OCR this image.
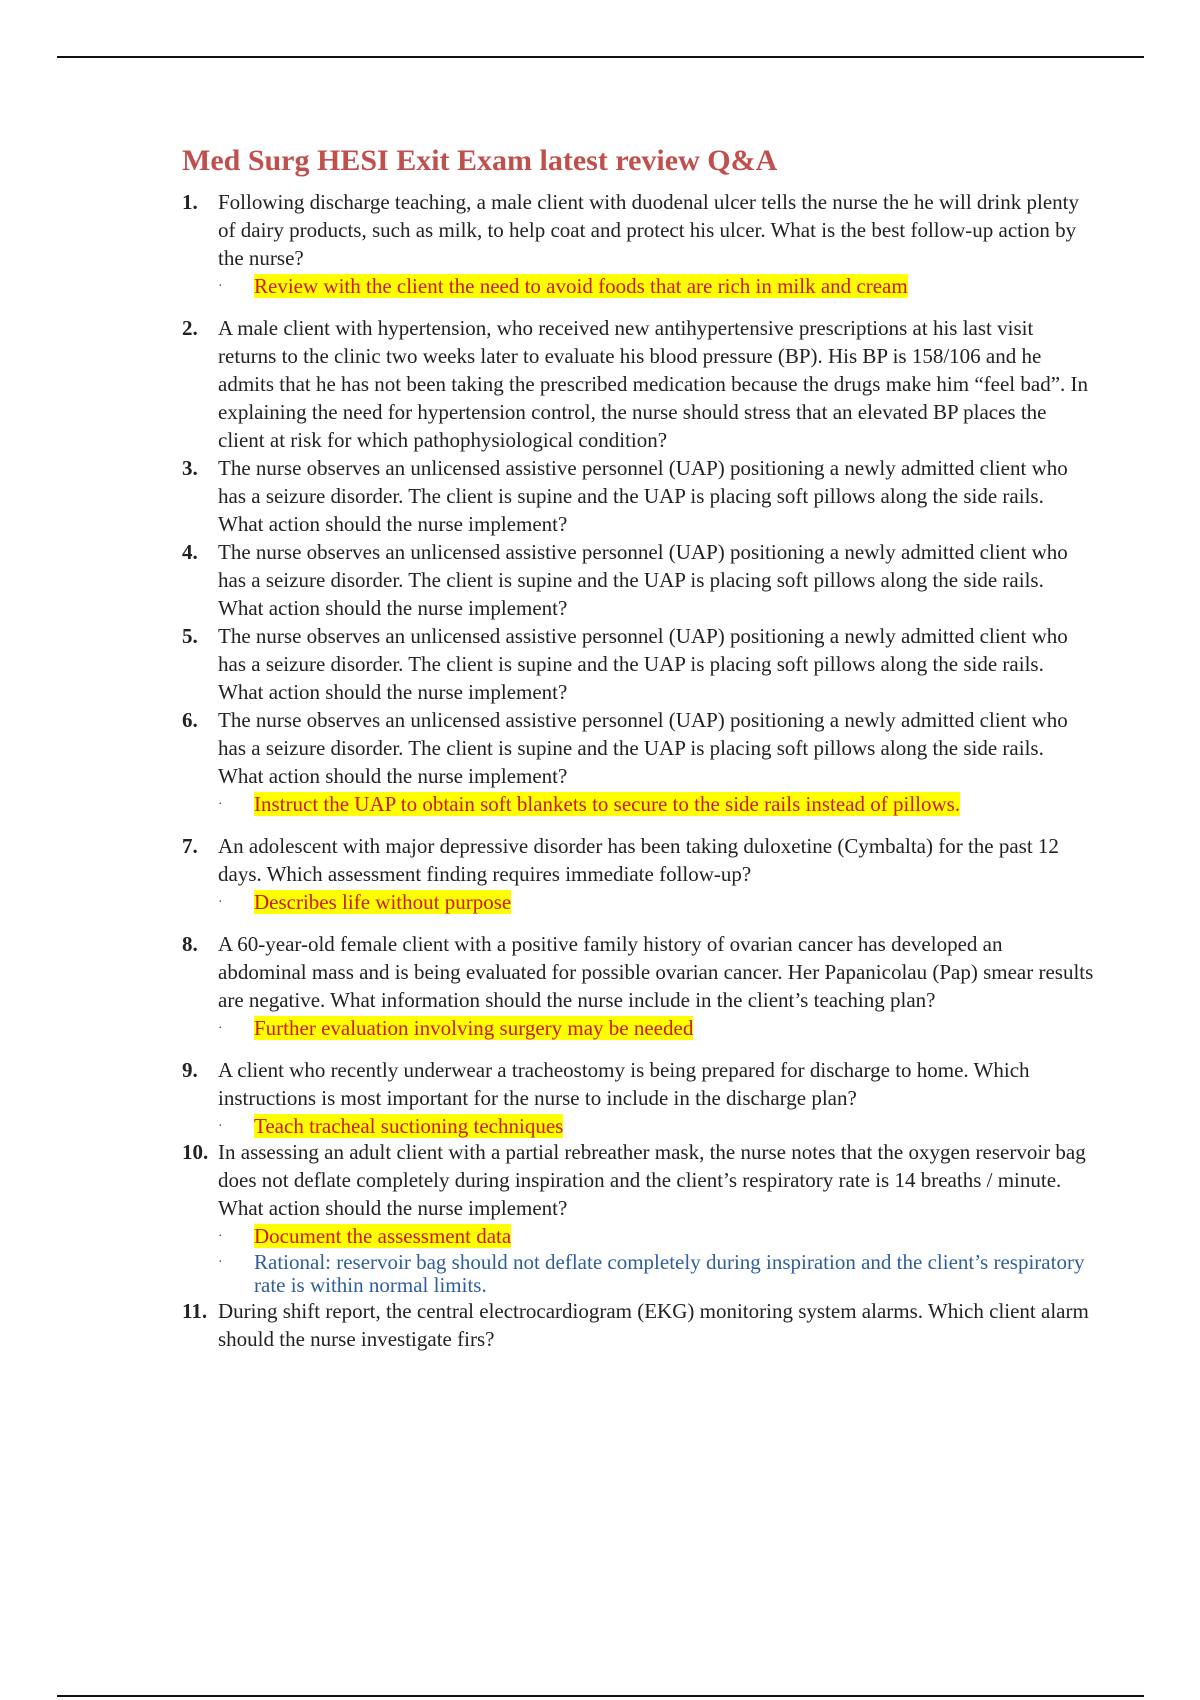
Med Surg HESI Exit Exam latest review Q&A
1. Following discharge teaching, a male client with duodenal ulcer tells the nurse the he will drink plenty of dairy products, such as milk, to help coat and protect his ulcer. What is the best follow-up action by the nurse?
· Review with the client the need to avoid foods that are rich in milk and cream
2. A male client with hypertension, who received new antihypertensive prescriptions at his last visit returns to the clinic two weeks later to evaluate his blood pressure (BP). His BP is 158/106 and he admits that he has not been taking the prescribed medication because the drugs make him “feel bad”. In explaining the need for hypertension control, the nurse should stress that an elevated BP places the client at risk for which pathophysiological condition?
3. The nurse observes an unlicensed assistive personnel (UAP) positioning a newly admitted client who has a seizure disorder. The client is supine and the UAP is placing soft pillows along the side rails. What action should the nurse implement?
4. The nurse observes an unlicensed assistive personnel (UAP) positioning a newly admitted client who has a seizure disorder. The client is supine and the UAP is placing soft pillows along the side rails. What action should the nurse implement?
5. The nurse observes an unlicensed assistive personnel (UAP) positioning a newly admitted client who has a seizure disorder. The client is supine and the UAP is placing soft pillows along the side rails. What action should the nurse implement?
6. The nurse observes an unlicensed assistive personnel (UAP) positioning a newly admitted client who has a seizure disorder. The client is supine and the UAP is placing soft pillows along the side rails. What action should the nurse implement?
· Instruct the UAP to obtain soft blankets to secure to the side rails instead of pillows.
7. An adolescent with major depressive disorder has been taking duloxetine (Cymbalta) for the past 12 days. Which assessment finding requires immediate follow-up?
· Describes life without purpose
8. A 60-year-old female client with a positive family history of ovarian cancer has developed an abdominal mass and is being evaluated for possible ovarian cancer. Her Papanicolau (Pap) smear results are negative. What information should the nurse include in the client’s teaching plan?
· Further evaluation involving surgery may be needed
9. A client who recently underwear a tracheostomy is being prepared for discharge to home. Which instructions is most important for the nurse to include in the discharge plan?
· Teach tracheal suctioning techniques
10. In assessing an adult client with a partial rebreather mask, the nurse notes that the oxygen reservoir bag does not deflate completely during inspiration and the client’s respiratory rate is 14 breaths / minute. What action should the nurse implement?
· Document the assessment data
· Rational: reservoir bag should not deflate completely during inspiration and the client’s respiratory rate is within normal limits.
11. During shift report, the central electrocardiogram (EKG) monitoring system alarms. Which client alarm should the nurse investigate firs?
